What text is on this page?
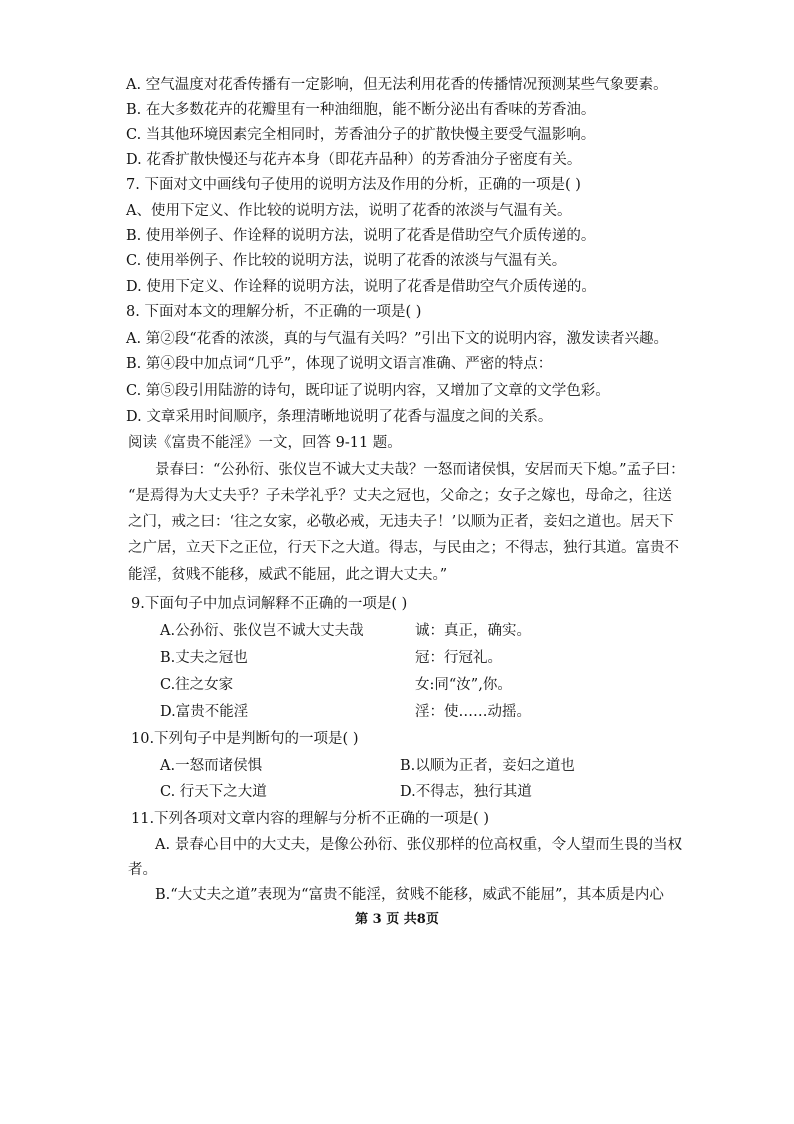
A. 空气温度对花香传播有一定影响，但无法利用花香的传播情况预测某些气象要素。
B. 在大多数花卉的花瓣里有一种油细胞，能不断分泌出有香味的芳香油。
C. 当其他环境因素完全相同时，芳香油分子的扩散快慢主要受气温影响。
D. 花香扩散快慢还与花卉本身（即花卉品种）的芳香油分子密度有关。
7. 下面对文中画线句子使用的说明方法及作用的分析，正确的一项是( )
A、使用下定义、作比较的说明方法，说明了花香的浓淡与气温有关。
B. 使用举例子、作诠释的说明方法，说明了花香是借助空气介质传递的。
C. 使用举例子、作比较的说明方法，说明了花香的浓淡与气温有关。
D. 使用下定义、作诠释的说明方法，说明了花香是借助空气介质传递的。
8. 下面对本文的理解分析，不正确的一项是( )
A. 第②段“花香的浓淡，真的与气温有关吗？”引出下文的说明内容，激发读者兴趣。
B. 第④段中加点词“几乎”，体现了说明文语言准确、严密的特点：
C. 第⑤段引用陆游的诗句，既印证了说明内容，又增加了文章的文学色彩。
D. 文章采用时间顺序，条理清晰地说明了花香与温度之间的关系。
阅读《富贵不能淫》一文，回答 9-11 题。
景春曰：“公孙衍、张仪岂不诚大丈夫哉？一怒而诸侯惧，安居而天下熄。”孟子曰：
“是焉得为大丈夫乎？子未学礼乎？丈夫之冠也，父命之；女子之嫁也，母命之，往送
之门，戒之曰：‘往之女家，必敬必戒，无违夫子！’以顺为正者，妾妇之道也。居天下
之广居，立天下之正位，行天下之大道。得志，与民由之；不得志，独行其道。富贵不
能淫，贫贱不能移，威武不能屈，此之谓大丈夫。”
9.下面句子中加点词解释不正确的一项是( )
A.公孙衍、张仪岂不诚大丈夫哉	诚：真正，确实。
B.丈夫之冠也	冠：行冠礼。
C.往之女家	女:同“汝”,你。
D.富贵不能淫	淫：使……动摇。
10.下列句子中是判断句的一项是( )
A.一怒而诸侯惧	B.以顺为正者，妾妇之道也
C. 行天下之大道	D.不得志，独行其道
11.下列各项对文章内容的理解与分析不正确的一项是( )
A. 景春心目中的大丈夫，是像公孙衍、张仪那样的位高权重，令人望而生畏的当权
者。
B.“大丈夫之道”表现为“富贵不能淫，贫贱不能移，威武不能屈”，其本质是内心
第 3 页 共8页
